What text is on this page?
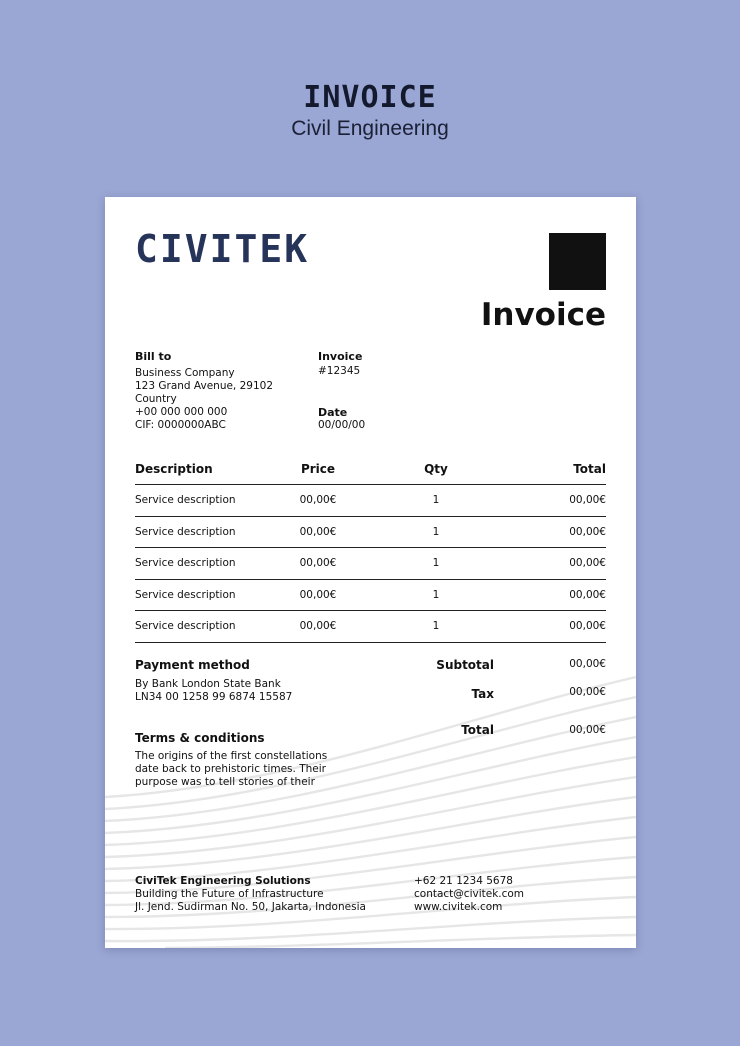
INVOICE
Civil Engineering
CIVITEK
Invoice
Bill to
Business Company
123 Grand Avenue, 29102
Country
+00 000 000 000
CIF: 0000000ABC
Invoice
#12345
Date
00/00/00
Description	Price	Qty	Total
Service description	00,00€	1	00,00€
Service description	00,00€	1	00,00€
Service description	00,00€	1	00,00€
Service description	00,00€	1	00,00€
Service description	00,00€	1	00,00€
Payment method
By Bank London State Bank
LN34 00 1258 99 6874 15587
Terms & conditions
The origins of the first constellations
date back to prehistoric times. Their
purpose was to tell stories of their
Subtotal	00,00€
Tax	00,00€
Total	00,00€
CiviTek Engineering Solutions
Building the Future of Infrastructure
Jl. Jend. Sudirman No. 50, Jakarta, Indonesia
+62 21 1234 5678
contact@civitek.com
www.civitek.com
